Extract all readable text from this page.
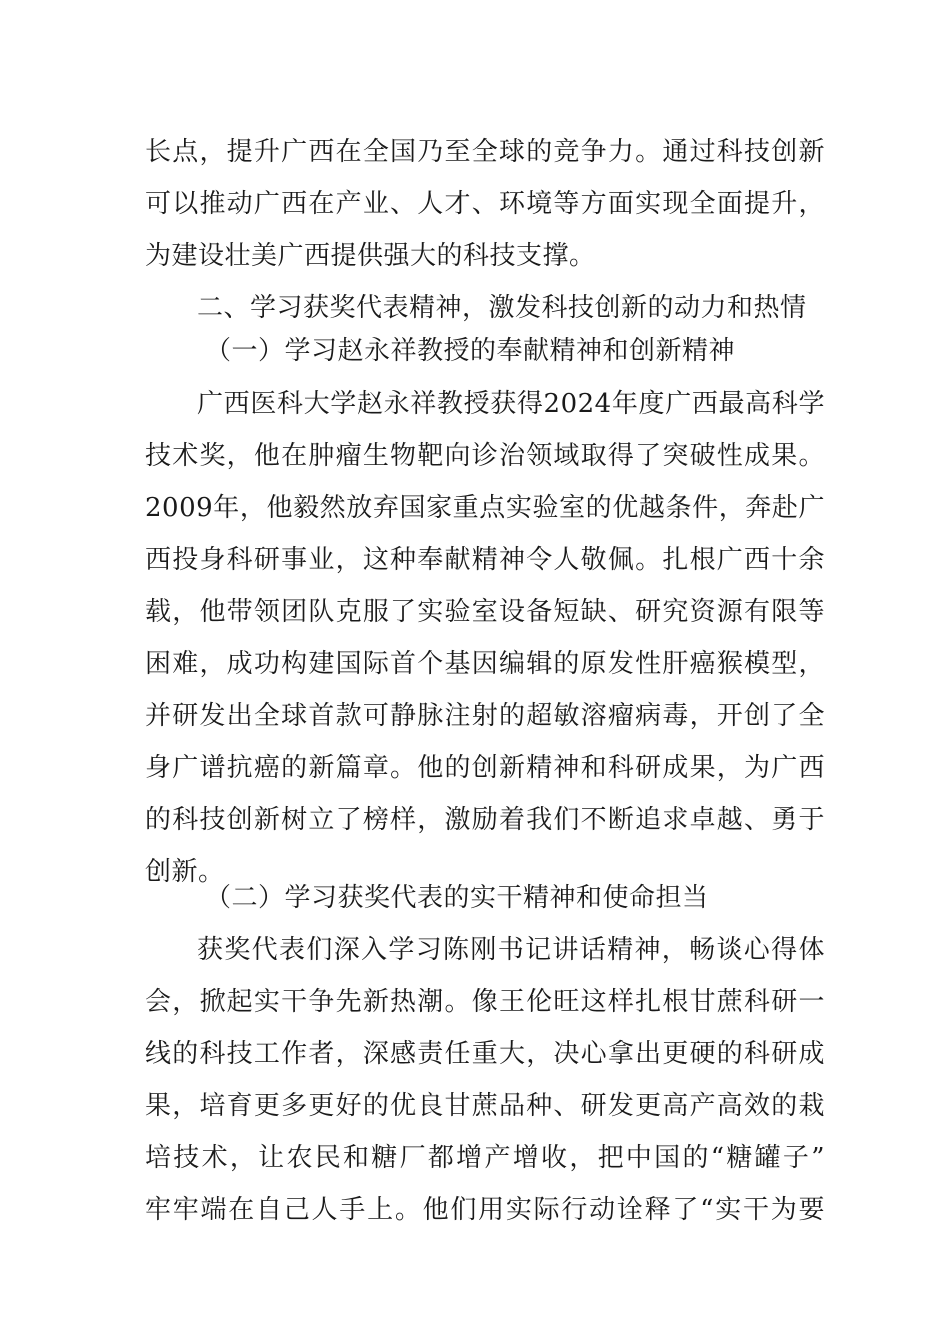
长点，提升广西在全国乃至全球的竞争力。通过科技创新
可以推动广西在产业、人才、环境等方面实现全面提升，
为建设壮美广西提供强大的科技支撑。
二、学习获奖代表精神，激发科技创新的动力和热情
（一）学习赵永祥教授的奉献精神和创新精神
广西医科大学赵永祥教授获得2024年度广西最高科学
技术奖，他在肿瘤生物靶向诊治领域取得了突破性成果。
2009年，他毅然放弃国家重点实验室的优越条件，奔赴广
西投身科研事业，这种奉献精神令人敬佩。扎根广西十余
载，他带领团队克服了实验室设备短缺、研究资源有限等
困难，成功构建国际首个基因编辑的原发性肝癌猴模型，
并研发出全球首款可静脉注射的超敏溶瘤病毒，开创了全
身广谱抗癌的新篇章。他的创新精神和科研成果，为广西
的科技创新树立了榜样，激励着我们不断追求卓越、勇于
创新。
（二）学习获奖代表的实干精神和使命担当
获奖代表们深入学习陈刚书记讲话精神，畅谈心得体
会，掀起实干争先新热潮。像王伦旺这样扎根甘蔗科研一
线的科技工作者，深感责任重大，决心拿出更硬的科研成
果，培育更多更好的优良甘蔗品种、研发更高产高效的栽
培技术，让农民和糖厂都增产增收，把中国的“糖罐子”
牢牢端在自己人手上。他们用实际行动诠释了“实干为要
